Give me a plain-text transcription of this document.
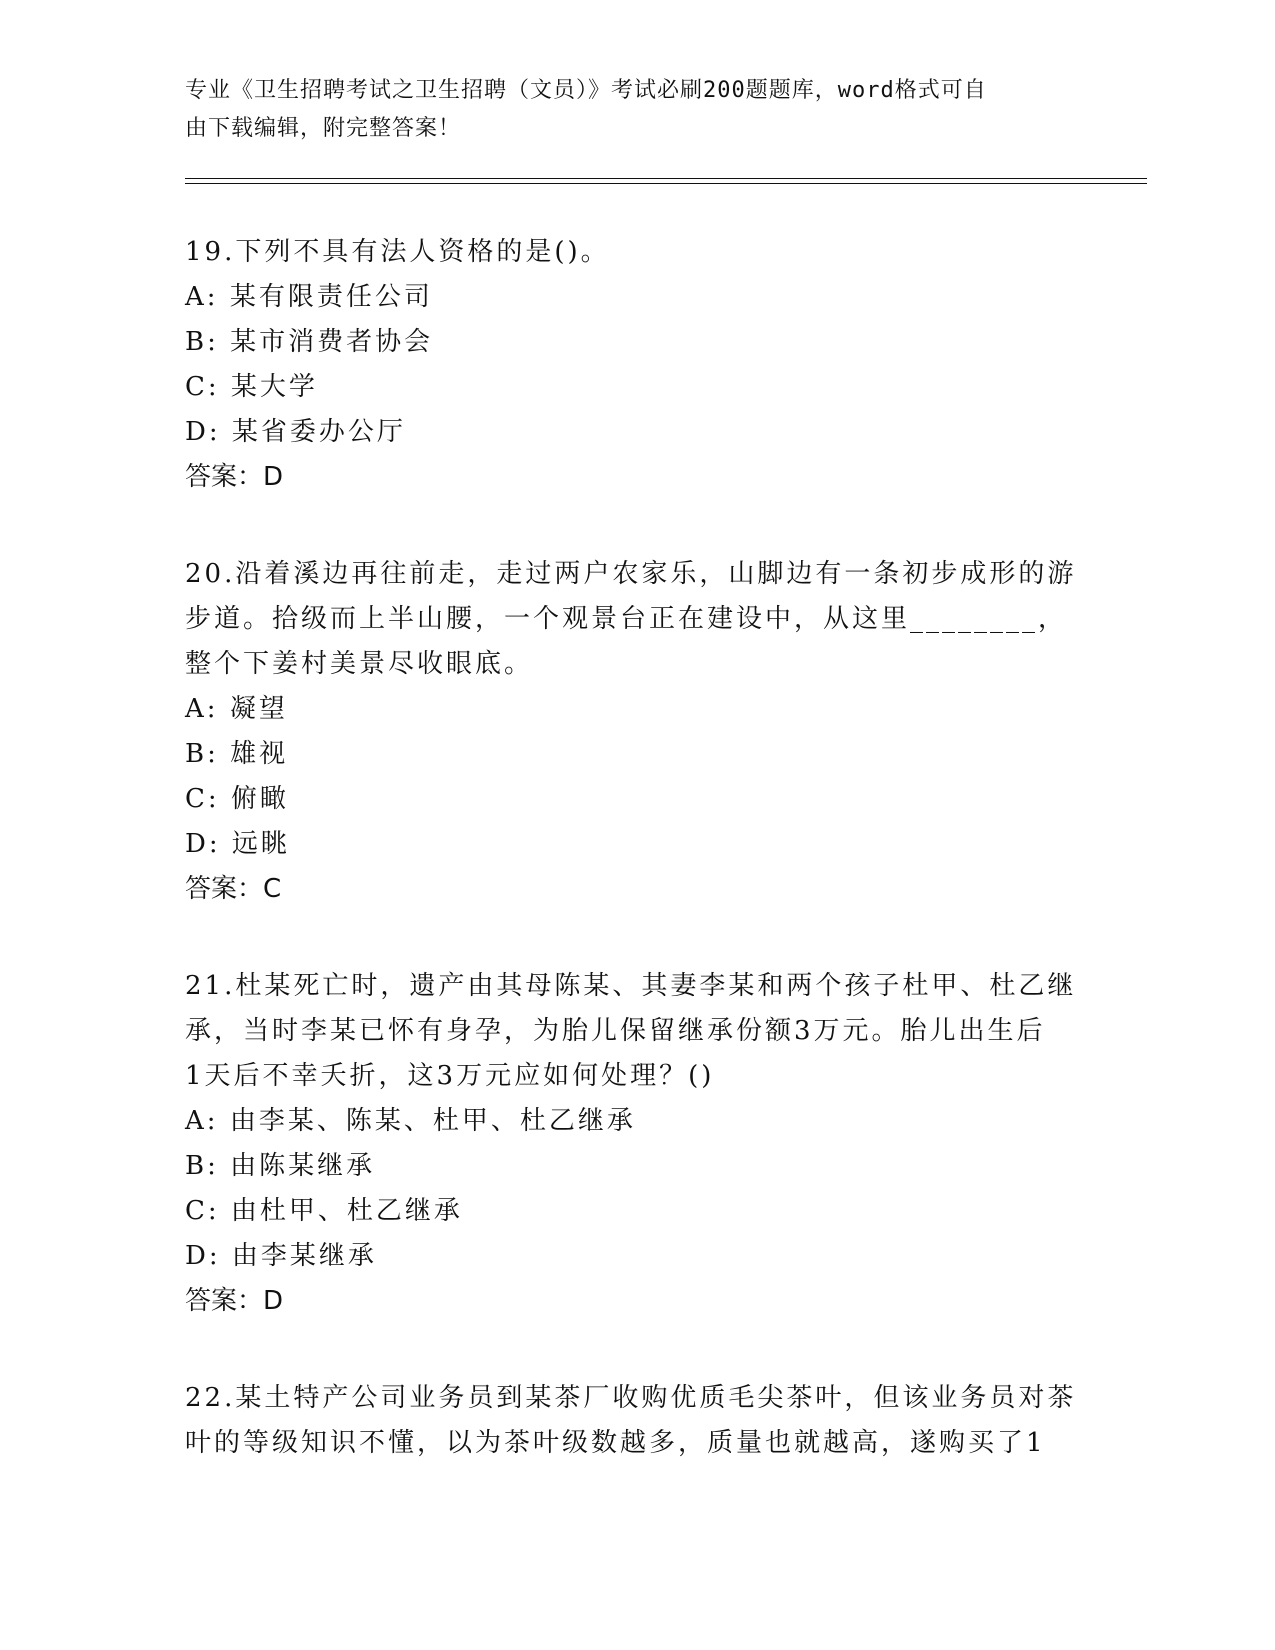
专业《卫生招聘考试之卫生招聘（文员）》考试必刷200题题库，word格式可自
由下载编辑，附完整答案！

19.下列不具有法人资格的是()。

A: 某有限责任公司

B: 某市消费者协会

C: 某大学

D: 某省委办公厅

答案：D

20.沿着溪边再往前走，走过两户农家乐，山脚边有一条初步成形的游

步道。拾级而上半山腰，一个观景台正在建设中，从这里________，

整个下姜村美景尽收眼底。

A: 凝望

B: 雄视

C: 俯瞰

D: 远眺

答案：C

21.杜某死亡时，遗产由其母陈某、其妻李某和两个孩子杜甲、杜乙继

承，当时李某已怀有身孕，为胎儿保留继承份额3万元。胎儿出生后

1天后不幸夭折，这3万元应如何处理？()

A: 由李某、陈某、杜甲、杜乙继承

B: 由陈某继承

C: 由杜甲、杜乙继承

D: 由李某继承

答案：D

22.某土特产公司业务员到某茶厂收购优质毛尖茶叶，但该业务员对茶

叶的等级知识不懂，以为茶叶级数越多，质量也就越高，遂购买了1
